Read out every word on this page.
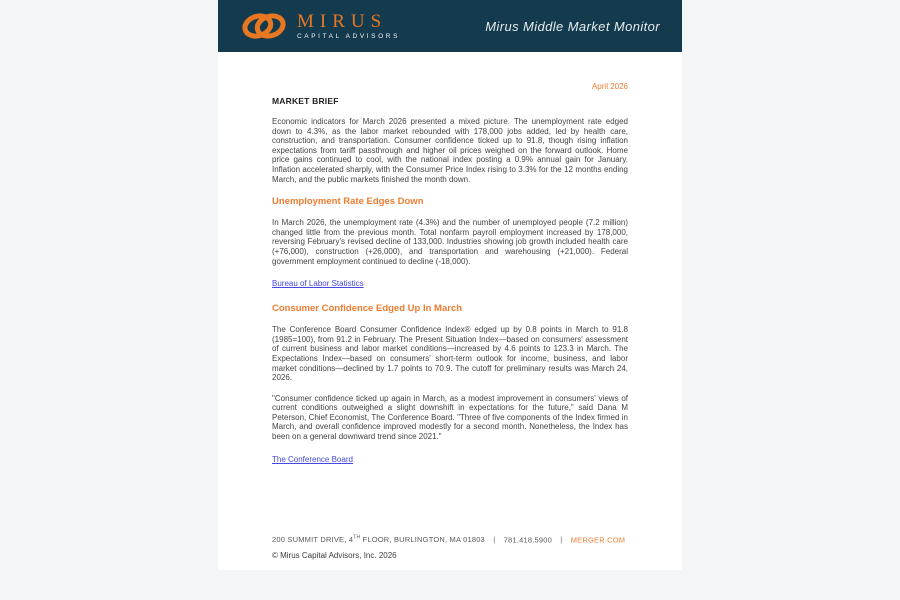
MIRUS
CAPITAL ADVISORS
Mirus Middle Market Monitor
April 2026
MARKET BRIEF

Economic indicators for March 2026 presented a mixed picture. The unemployment rate edged down to 4.3%, as the labor market rebounded with 178,000 jobs added, led by health care, construction, and transportation. Consumer confidence ticked up to 91.8, though rising inflation expectations from tariff passthrough and higher oil prices weighed on the forward outlook. Home price gains continued to cool, with the national index posting a 0.9% annual gain for January. Inflation accelerated sharply, with the Consumer Price Index rising to 3.3% for the 12 months ending March, and the public markets finished the month down.

Unemployment Rate Edges Down

In March 2026, the unemployment rate (4.3%) and the number of unemployed people (7.2 million) changed little from the previous month. Total nonfarm payroll employment increased by 178,000, reversing February's revised decline of 133,000. Industries showing job growth included health care (+76,000), construction (+26,000), and transportation and warehousing (+21,000). Federal government employment continued to decline (-18,000).

Bureau of Labor Statistics
Consumer Confidence Edged Up In March

The Conference Board Consumer Confidence Index® edged up by 0.8 points in March to 91.8 (1985=100), from 91.2 in February. The Present Situation Index—based on consumers' assessment of current business and labor market conditions—increased by 4.6 points to 123.3 in March. The Expectations Index—based on consumers' short-term outlook for income, business, and labor market conditions—declined by 1.7 points to 70.9. The cutoff for preliminary results was March 24, 2026.

"Consumer confidence ticked up again in March, as a modest improvement in consumers' views of current conditions outweighed a slight downshift in expectations for the future," said Dana M Peterson, Chief Economist, The Conference Board. "Three of five components of the Index firmed in March, and overall confidence improved modestly for a second month. Nonetheless, the Index has been on a general downward trend since 2021."

The Conference Board
200 SUMMIT DRIVE, 4TH FLOOR, BURLINGTON, MA 01803 | 781.418.5900 | MERGER.COM
© Mirus Capital Advisors, Inc. 2026
